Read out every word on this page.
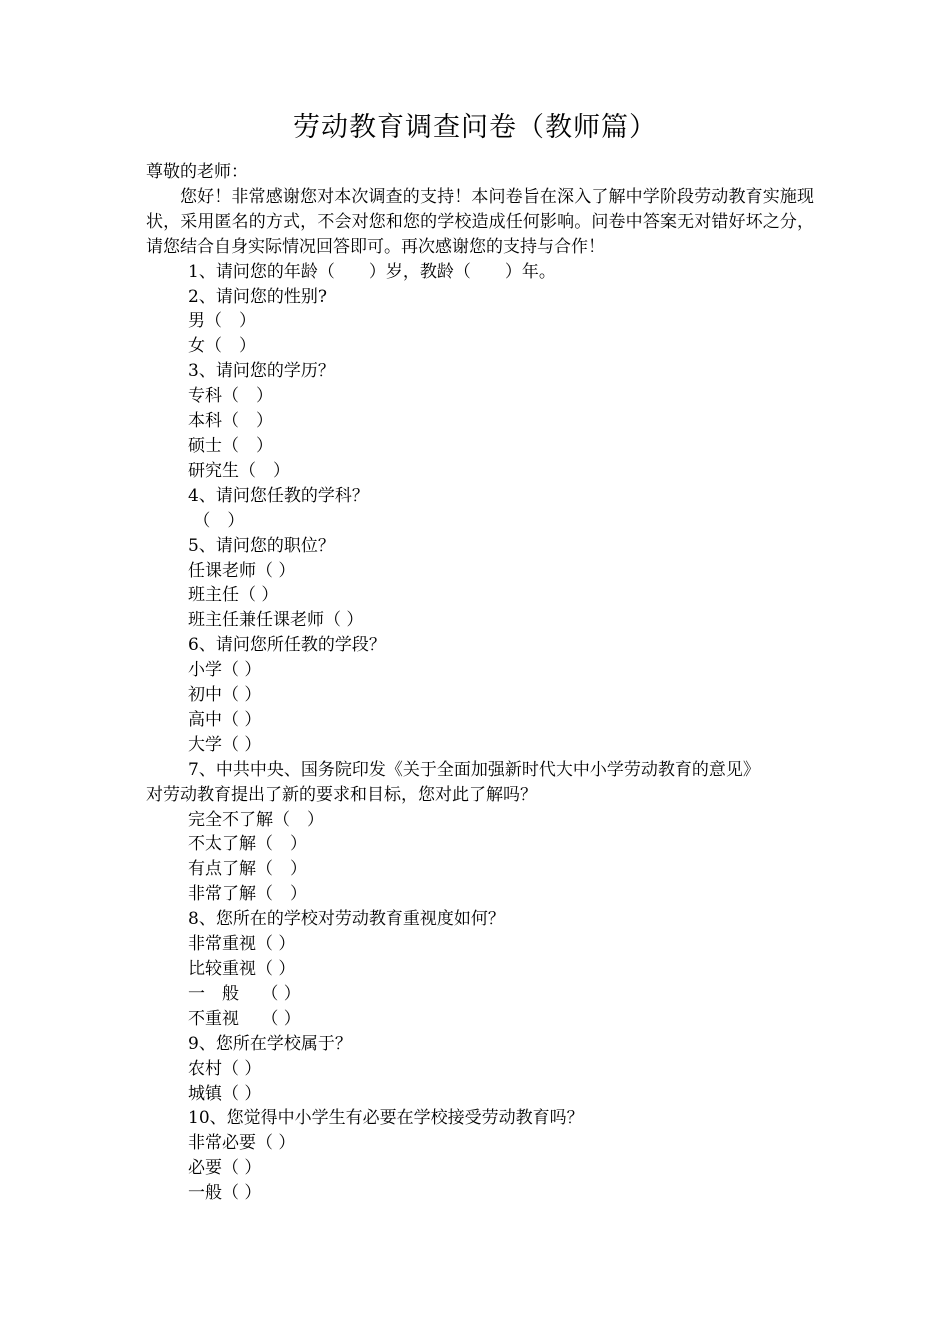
劳动教育调查问卷（教师篇）

尊敬的老师：

您好！非常感谢您对本次调查的支持！本问卷旨在深入了解中学阶段劳动教育实施现状，采用匿名的方式，不会对您和您的学校造成任何影响。问卷中答案无对错好坏之分，请您结合自身实际情况回答即可。再次感谢您的支持与合作！

1、请问您的年龄（　　）岁，教龄（　　）年。

2、请问您的性别?

男（　）

女（　）

3、请问您的学历？

专科（　）

本科（　）

硕士（　）

研究生（　）

4、请问您任教的学科？

（　）

5、请问您的职位？

任课老师（ ）

班主任（ ）

班主任兼任课老师（ ）

6、请问您所任教的学段？

小学（ ）

初中（ ）

高中（ ）

大学（ ）

7、中共中央、国务院印发《关于全面加强新时代大中小学劳动教育的意见》

对劳动教育提出了新的要求和目标，您对此了解吗？

完全不了解（　）

不太了解（　）

有点了解（　）

非常了解（　）

8、您所在的学校对劳动教育重视度如何？

非常重视（ ）

比较重视（ ）

一　般　 （ ）

不重视　 （ ）

9、您所在学校属于？

农村（ ）

城镇（ ）

10、您觉得中小学生有必要在学校接受劳动教育吗？

非常必要（ ）

必要（ ）

一般（ ）
